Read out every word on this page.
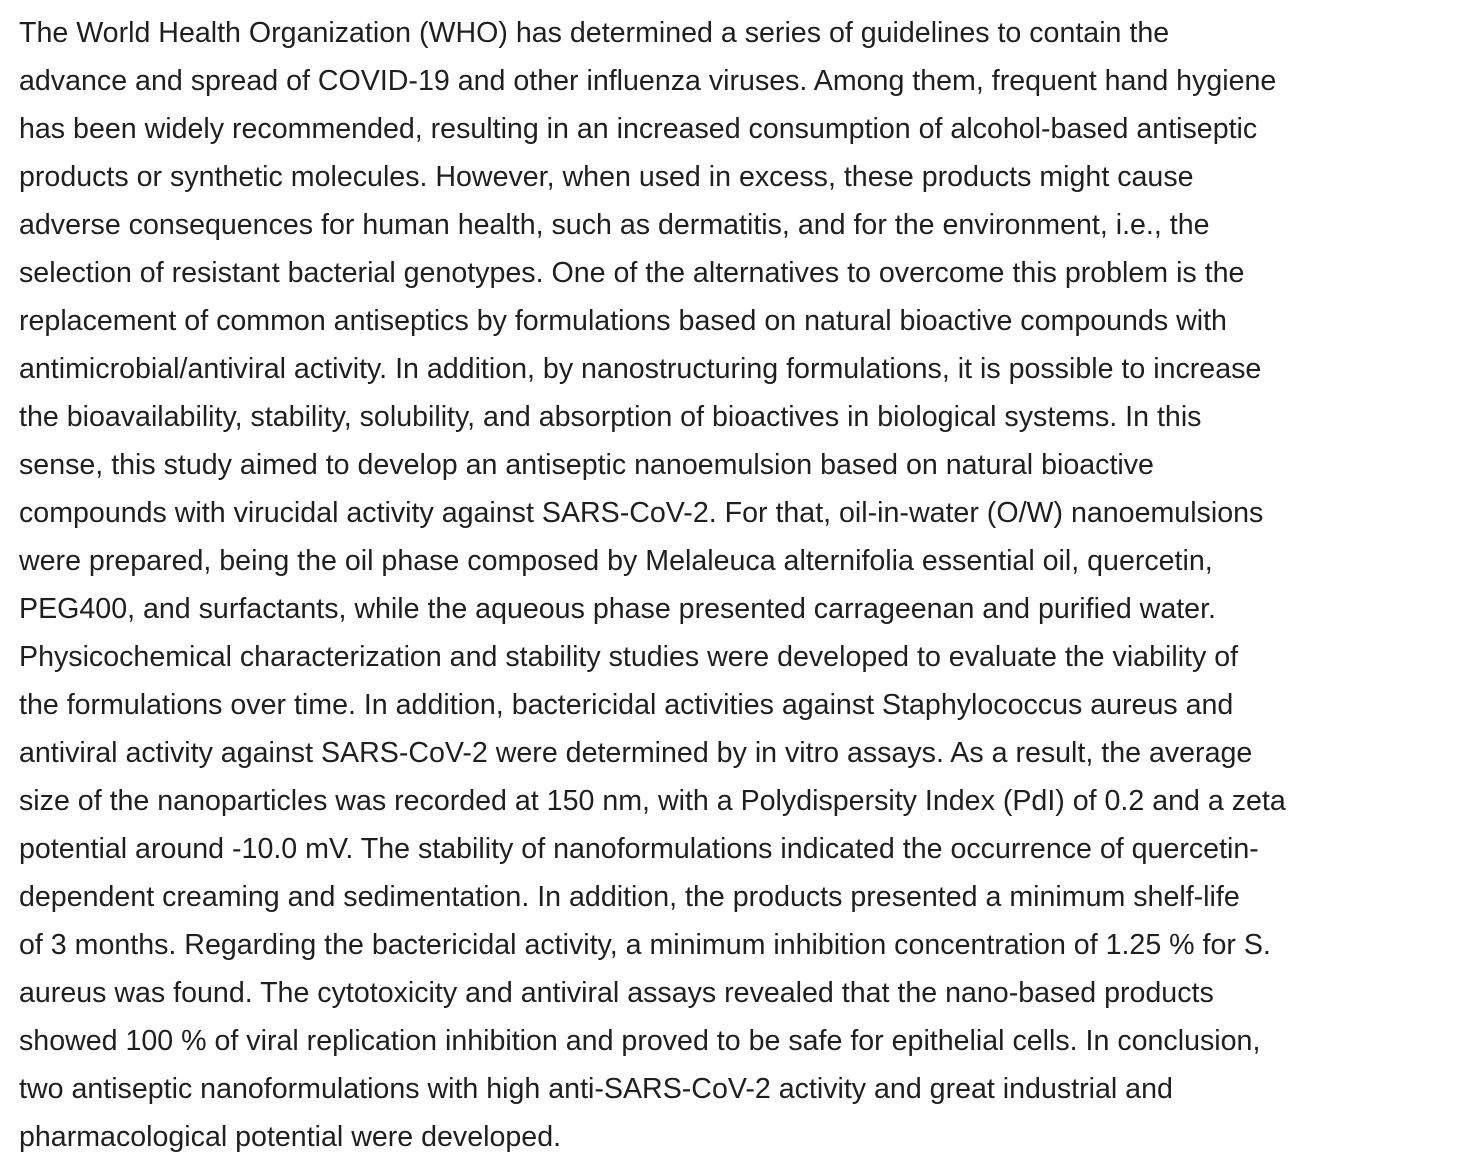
The World Health Organization (WHO) has determined a series of guidelines to contain the
advance and spread of COVID-19 and other influenza viruses. Among them, frequent hand hygiene
has been widely recommended, resulting in an increased consumption of alcohol-based antiseptic
products or synthetic molecules. However, when used in excess, these products might cause
adverse consequences for human health, such as dermatitis, and for the environment, i.e., the
selection of resistant bacterial genotypes. One of the alternatives to overcome this problem is the
replacement of common antiseptics by formulations based on natural bioactive compounds with
antimicrobial/antiviral activity. In addition, by nanostructuring formulations, it is possible to increase
the bioavailability, stability, solubility, and absorption of bioactives in biological systems. In this
sense, this study aimed to develop an antiseptic nanoemulsion based on natural bioactive
compounds with virucidal activity against SARS-CoV-2. For that, oil-in-water (O/W) nanoemulsions
were prepared, being the oil phase composed by Melaleuca alternifolia essential oil, quercetin,
PEG400, and surfactants, while the aqueous phase presented carrageenan and purified water.
Physicochemical characterization and stability studies were developed to evaluate the viability of
the formulations over time. In addition, bactericidal activities against Staphylococcus aureus and
antiviral activity against SARS-CoV-2 were determined by in vitro assays. As a result, the average
size of the nanoparticles was recorded at 150 nm, with a Polydispersity Index (PdI) of 0.2 and a zeta
potential around -10.0 mV. The stability of nanoformulations indicated the occurrence of quercetin-
dependent creaming and sedimentation. In addition, the products presented a minimum shelf-life
of 3 months. Regarding the bactericidal activity, a minimum inhibition concentration of 1.25 % for S.
aureus was found. The cytotoxicity and antiviral assays revealed that the nano-based products
showed 100 % of viral replication inhibition and proved to be safe for epithelial cells. In conclusion,
two antiseptic nanoformulations with high anti-SARS-CoV-2 activity and great industrial and
pharmacological potential were developed.
